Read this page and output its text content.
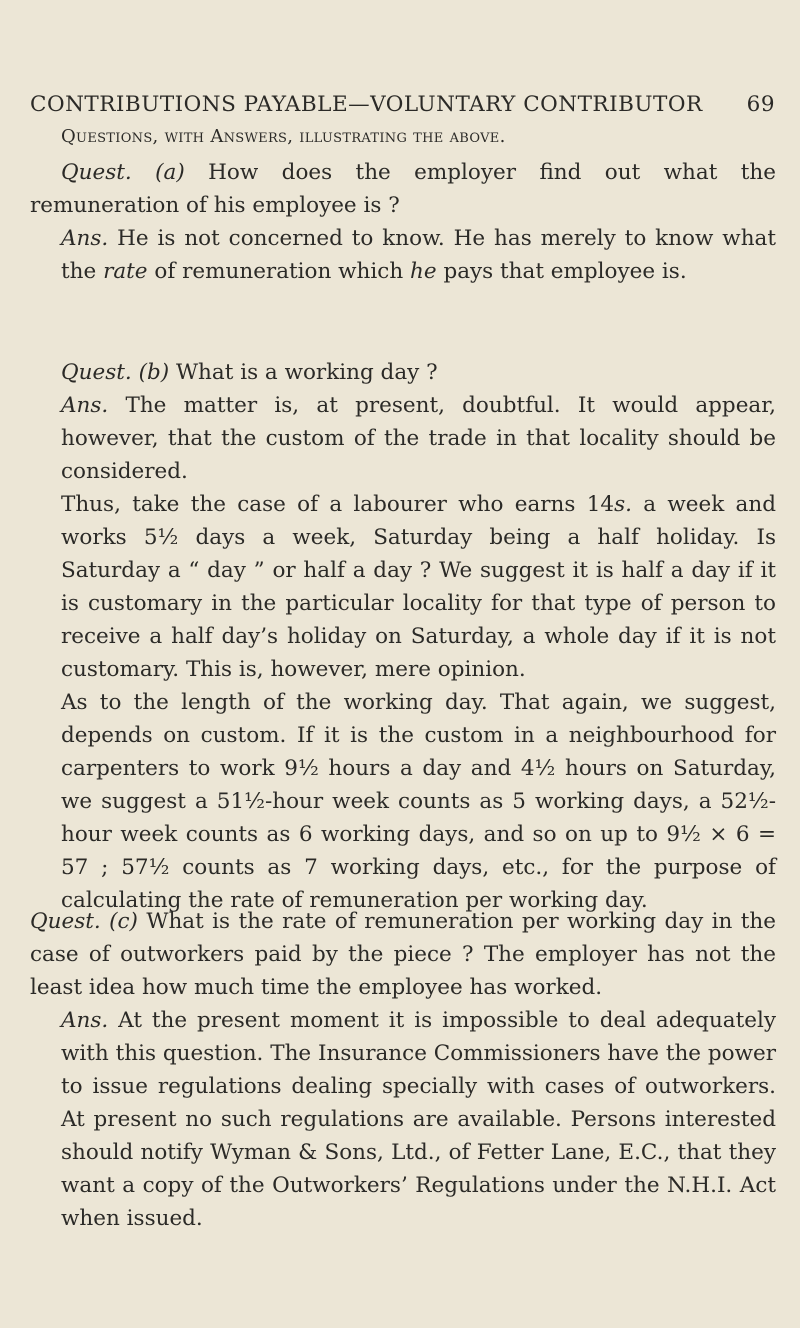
CONTRIBUTIONS PAYABLE—VOLUNTARY CONTRIBUTOR 69

Questions, with Answers, illustrating the above.

Quest. (a) How does the employer find out what the remuneration of his employee is ?

Ans. He is not concerned to know. He has merely to know what the rate of remuneration which he pays that employee is.

Quest. (b) What is a working day ?

Ans. The matter is, at present, doubtful. It would appear, however, that the custom of the trade in that locality should be considered.

Thus, take the case of a labourer who earns 14s. a week and works 5½ days a week, Saturday being a half holiday. Is Saturday a “ day ” or half a day ? We suggest it is half a day if it is customary in the particular locality for that type of person to receive a half day’s holiday on Saturday, a whole day if it is not customary. This is, however, mere opinion.

As to the length of the working day. That again, we suggest, depends on custom. If it is the custom in a neighbourhood for carpenters to work 9½ hours a day and 4½ hours on Saturday, we suggest a 51½-hour week counts as 5 working days, a 52½-hour week counts as 6 working days, and so on up to 9½ × 6 = 57 ; 57½ counts as 7 working days, etc., for the purpose of calculating the rate of remuneration per working day.

Quest. (c) What is the rate of remuneration per working day in the case of outworkers paid by the piece ? The employer has not the least idea how much time the employee has worked.

Ans. At the present moment it is impossible to deal adequately with this question. The Insurance Commissioners have the power to issue regulations dealing specially with cases of outworkers. At present no such regulations are available. Persons interested should notify Wyman & Sons, Ltd., of Fetter Lane, E.C., that they want a copy of the Outworkers’ Regulations under the N.H.I. Act when issued.
